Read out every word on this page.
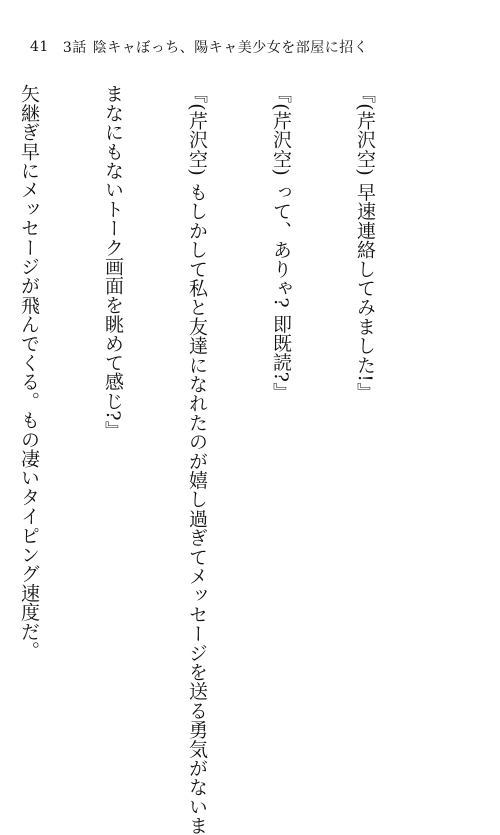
41 3話 陰キャぼっち、陽キャ美少女を部屋に招く

『(芹沢空) 早速連絡してみました!』

『(芹沢空) って、ありゃ? 即既読?』

『(芹沢空) もしかして私と友達になれたのが嬉し過ぎてメッセージを送る勇気がないま

まなにもないトーク画面を眺めて感じ?』

矢継ぎ早にメッセージが飛んでくる。もの凄いタイピング速度だ。
